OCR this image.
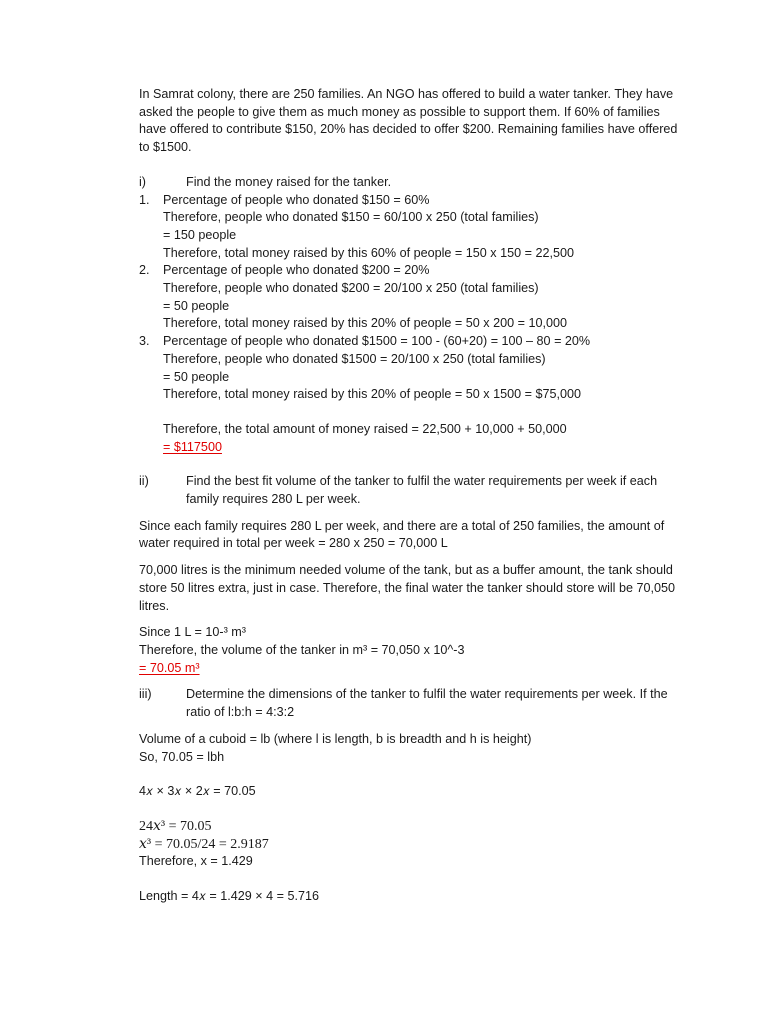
In Samrat colony, there are 250 families. An NGO has offered to build a water tanker. They have asked the people to give them as much money as possible to support them. If 60% of families have offered to contribute $150, 20% has decided to offer $200. Remaining families have offered to $1500.

i)	Find the money raised for the tanker.
1.	Percentage of people who donated $150 = 60%
Therefore, people who donated $150 = 60/100 x 250 (total families)
= 150 people
Therefore, total money raised by this 60% of people = 150 x 150 = 22,500
2.	Percentage of people who donated $200 = 20%
Therefore, people who donated $200 = 20/100 x 250 (total families)
= 50 people
Therefore, total money raised by this 20% of people = 50 x 200 = 10,000
3.	Percentage of people who donated $1500 = 100 - (60+20) = 100 – 80 = 20%
Therefore, people who donated $1500 = 20/100 x 250 (total families)
= 50 people
Therefore, total money raised by this 20% of people = 50 x 1500 = $75,000
Therefore, the total amount of money raised = 22,500 + 10,000 + 50,000
= $117500
ii)	Find the best fit volume of the tanker to fulfil the water requirements per week if each family requires 280 L per week.

Since each family requires 280 L per week, and there are a total of 250 families, the amount of water required in total per week = 280 x 250 = 70,000 L

70,000 litres is the minimum needed volume of the tank, but as a buffer amount, the tank should store 50 litres extra, just in case. Therefore, the final water the tanker should store will be 70,050 litres.

Since 1 L = 10-³ m³
Therefore, the volume of the tanker in m³ = 70,050 x 10^-3
= 70.05 m³
iii)	Determine the dimensions of the tanker to fulfil the water requirements per week. If the ratio of l:b:h = 4:3:2
Volume of a cuboid = lb (where l is length, b is breadth and h is height)
So, 70.05 = lbh
4𝑥 × 3𝑥 × 2𝑥 = 70.05
24𝑥³ = 70.05
𝑥³ = 70.05/24 = 2.9187
Therefore, x = 1.429
Length = 4𝑥 = 1.429 × 4 = 5.716
